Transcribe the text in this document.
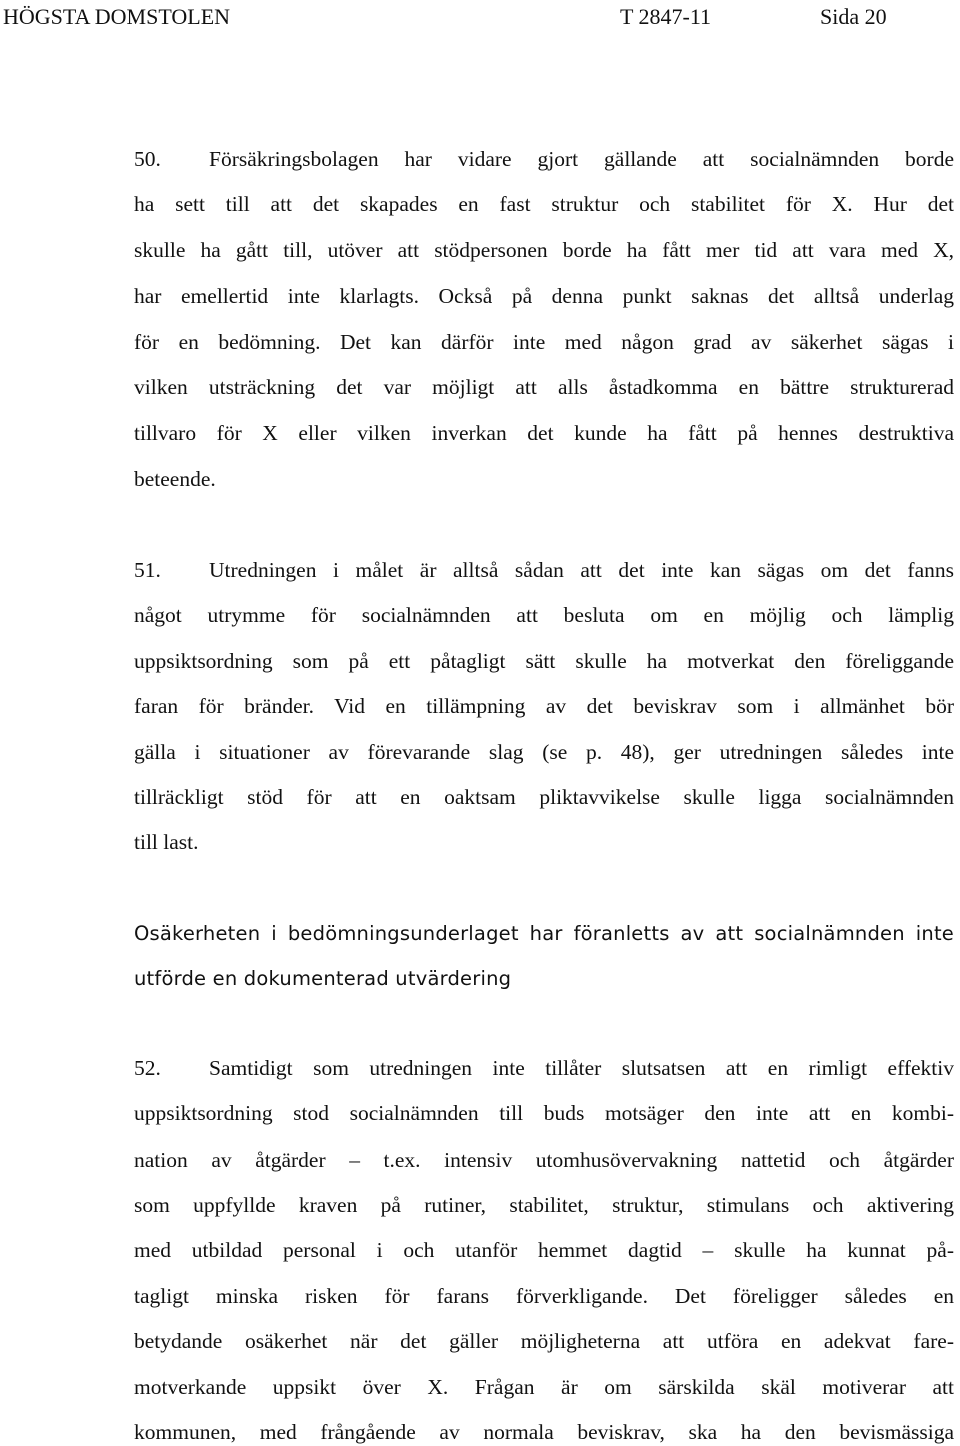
HÖGSTA DOMSTOLEN	T 2847-11	Sida 20
50. Försäkringsbolagen har vidare gjort gällande att socialnämnden borde
ha sett till att det skapades en fast struktur och stabilitet för X. Hur det
skulle ha gått till, utöver att stödpersonen borde ha fått mer tid att vara med X,
har emellertid inte klarlagts. Också på denna punkt saknas det alltså underlag
för en bedömning. Det kan därför inte med någon grad av säkerhet sägas i
vilken utsträckning det var möjligt att alls åstadkomma en bättre strukturerad
tillvaro för X eller vilken inverkan det kunde ha fått på hennes destruktiva
beteende.
51. Utredningen i målet är alltså sådan att det inte kan sägas om det fanns
något utrymme för socialnämnden att besluta om en möjlig och lämplig
uppsiktsordning som på ett påtagligt sätt skulle ha motverkat den föreliggande
faran för bränder. Vid en tillämpning av det beviskrav som i allmänhet bör
gälla i situationer av förevarande slag (se p. 48), ger utredningen således inte
tillräckligt stöd för att en oaktsam pliktavvikelse skulle ligga socialnämnden
till last.
Osäkerheten i bedömningsunderlaget har föranletts av att socialnämnden inte
utförde en dokumenterad utvärdering
52. Samtidigt som utredningen inte tillåter slutsatsen att en rimligt effektiv
uppsiktsordning stod socialnämnden till buds motsäger den inte att en kombi-
nation av åtgärder – t.ex. intensiv utomhusövervakning nattetid och åtgärder
som uppfyllde kraven på rutiner, stabilitet, struktur, stimulans och aktivering
med utbildad personal i och utanför hemmet dagtid – skulle ha kunnat på-
tagligt minska risken för farans förverkligande. Det föreligger således en
betydande osäkerhet när det gäller möjligheterna att utföra en adekvat fare-
motverkande uppsikt över X. Frågan är om särskilda skäl motiverar att
kommunen, med frångående av normala beviskrav, ska ha den bevismässiga
